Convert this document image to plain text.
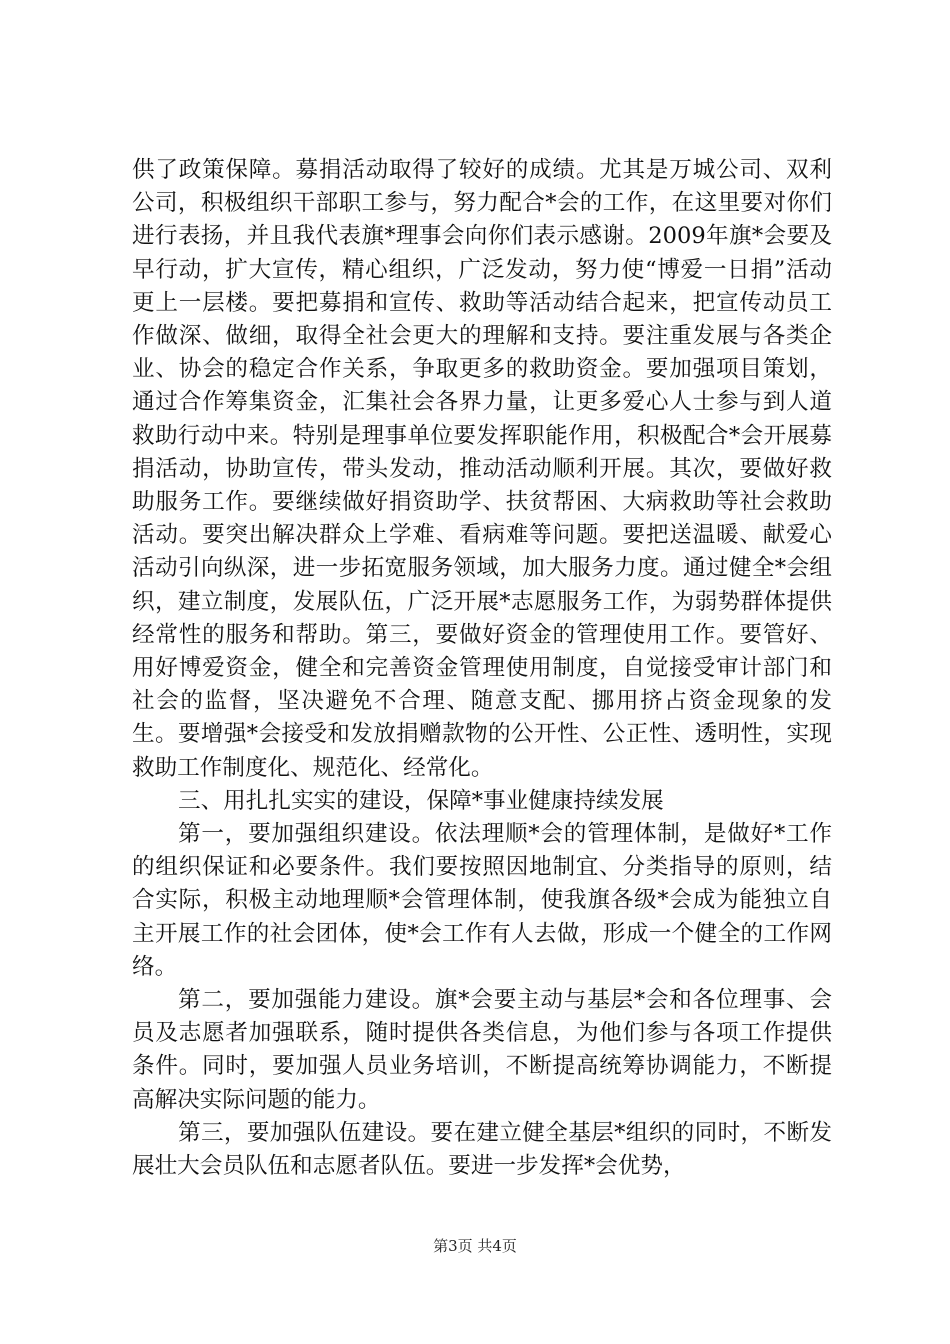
供了政策保障。募捐活动取得了较好的成绩。尤其是万城公司、双利公司，积极组织干部职工参与，努力配合*会的工作，在这里要对你们进行表扬，并且我代表旗*理事会向你们表示感谢。2009年旗*会要及早行动，扩大宣传，精心组织，广泛发动，努力使“博爱一日捐”活动更上一层楼。要把募捐和宣传、救助等活动结合起来，把宣传动员工作做深、做细，取得全社会更大的理解和支持。要注重发展与各类企业、协会的稳定合作关系，争取更多的救助资金。要加强项目策划，通过合作筹集资金，汇集社会各界力量，让更多爱心人士参与到人道救助行动中来。特别是理事单位要发挥职能作用，积极配合*会开展募捐活动，协助宣传，带头发动，推动活动顺利开展。其次，要做好救助服务工作。要继续做好捐资助学、扶贫帮困、大病救助等社会救助活动。要突出解决群众上学难、看病难等问题。要把送温暖、献爱心活动引向纵深，进一步拓宽服务领域，加大服务力度。通过健全*会组织，建立制度，发展队伍，广泛开展*志愿服务工作，为弱势群体提供经常性的服务和帮助。第三，要做好资金的管理使用工作。要管好、用好博爱资金，健全和完善资金管理使用制度，自觉接受审计部门和社会的监督，坚决避免不合理、随意支配、挪用挤占资金现象的发生。要增强*会接受和发放捐赠款物的公开性、公正性、透明性，实现救助工作制度化、规范化、经常化。

三、用扎扎实实的建设，保障*事业健康持续发展

第一，要加强组织建设。依法理顺*会的管理体制，是做好*工作的组织保证和必要条件。我们要按照因地制宜、分类指导的原则，结合实际，积极主动地理顺*会管理体制，使我旗各级*会成为能独立自主开展工作的社会团体，使*会工作有人去做，形成一个健全的工作网络。

第二，要加强能力建设。旗*会要主动与基层*会和各位理事、会员及志愿者加强联系，随时提供各类信息，为他们参与各项工作提供条件。同时，要加强人员业务培训，不断提高统筹协调能力，不断提高解决实际问题的能力。

第三，要加强队伍建设。要在建立健全基层*组织的同时，不断发展壮大会员队伍和志愿者队伍。要进一步发挥*会优势，

第3页 共4页
